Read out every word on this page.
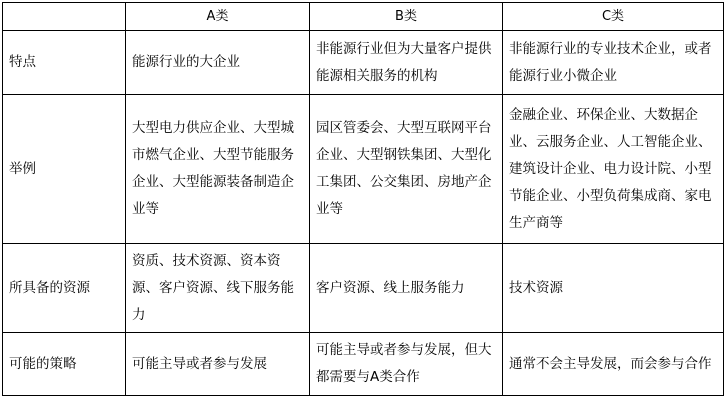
	A类	B类	C类
特点	能源行业的大企业	非能源行业但为大量客户提供能源相关服务的机构	非能源行业的专业技术企业，或者能源行业小微企业
举例	大型电力供应企业、大型城市燃气企业、大型节能服务企业、大型能源装备制造企业等	园区管委会、大型互联网平台企业、大型钢铁集团、大型化工集团、公交集团、房地产企业等	金融企业、环保企业、大数据企业、云服务企业、人工智能企业、建筑设计企业、电力设计院、小型节能企业、小型负荷集成商、家电生产商等
所具备的资源	资质、技术资源、资本资源、客户资源、线下服务能力	客户资源、线上服务能力	技术资源
可能的策略	可能主导或者参与发展	可能主导或者参与发展，但大都需要与A类合作	通常不会主导发展，而会参与合作
